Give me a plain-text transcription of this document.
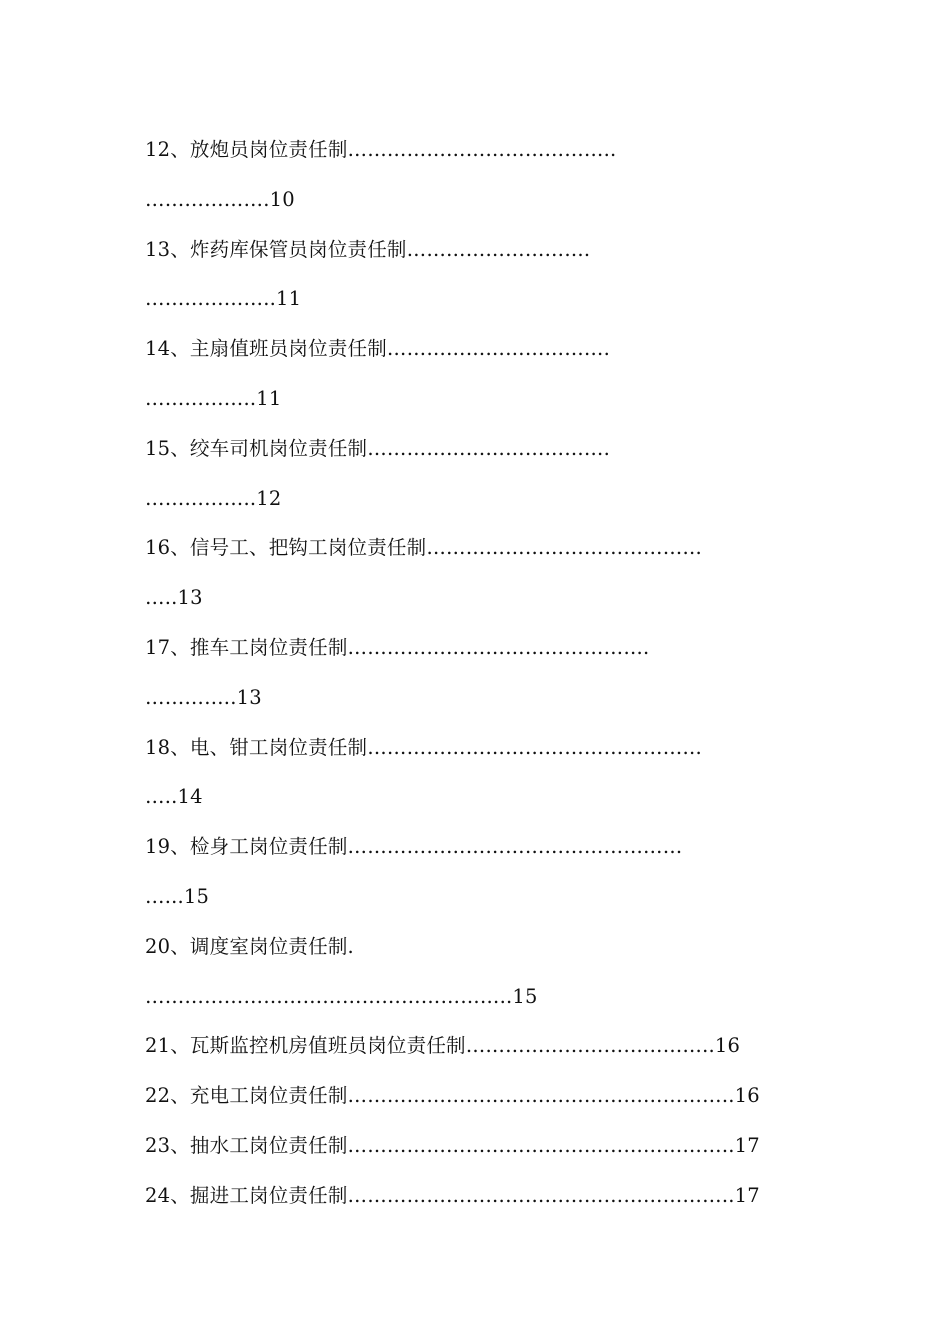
12、放炮员岗位责任制…………………………………..
……………….10
13、炸药库保管员岗位责任制……………………….
………………..11
14、主扇值班员岗位责任制…………………………….
……………..11
15、绞车司机岗位责任制……………………………….
……………..12
16、信号工、把钩工岗位责任制……………………………………
…..13
17、推车工岗位责任制……………………………………….
…………..13
18、电、钳工岗位责任制……………………………………………
…..14
19、检身工岗位责任制……………………………………………
…...15
20、调度室岗位责任制.
………………………………………………..15
21、瓦斯监控机房值班员岗位责任制………………………………..16
22、充电工岗位责任制…………………………………………………..16
23、抽水工岗位责任制…………………………………………………..17
24、掘进工岗位责任制…………………………………………………..17
